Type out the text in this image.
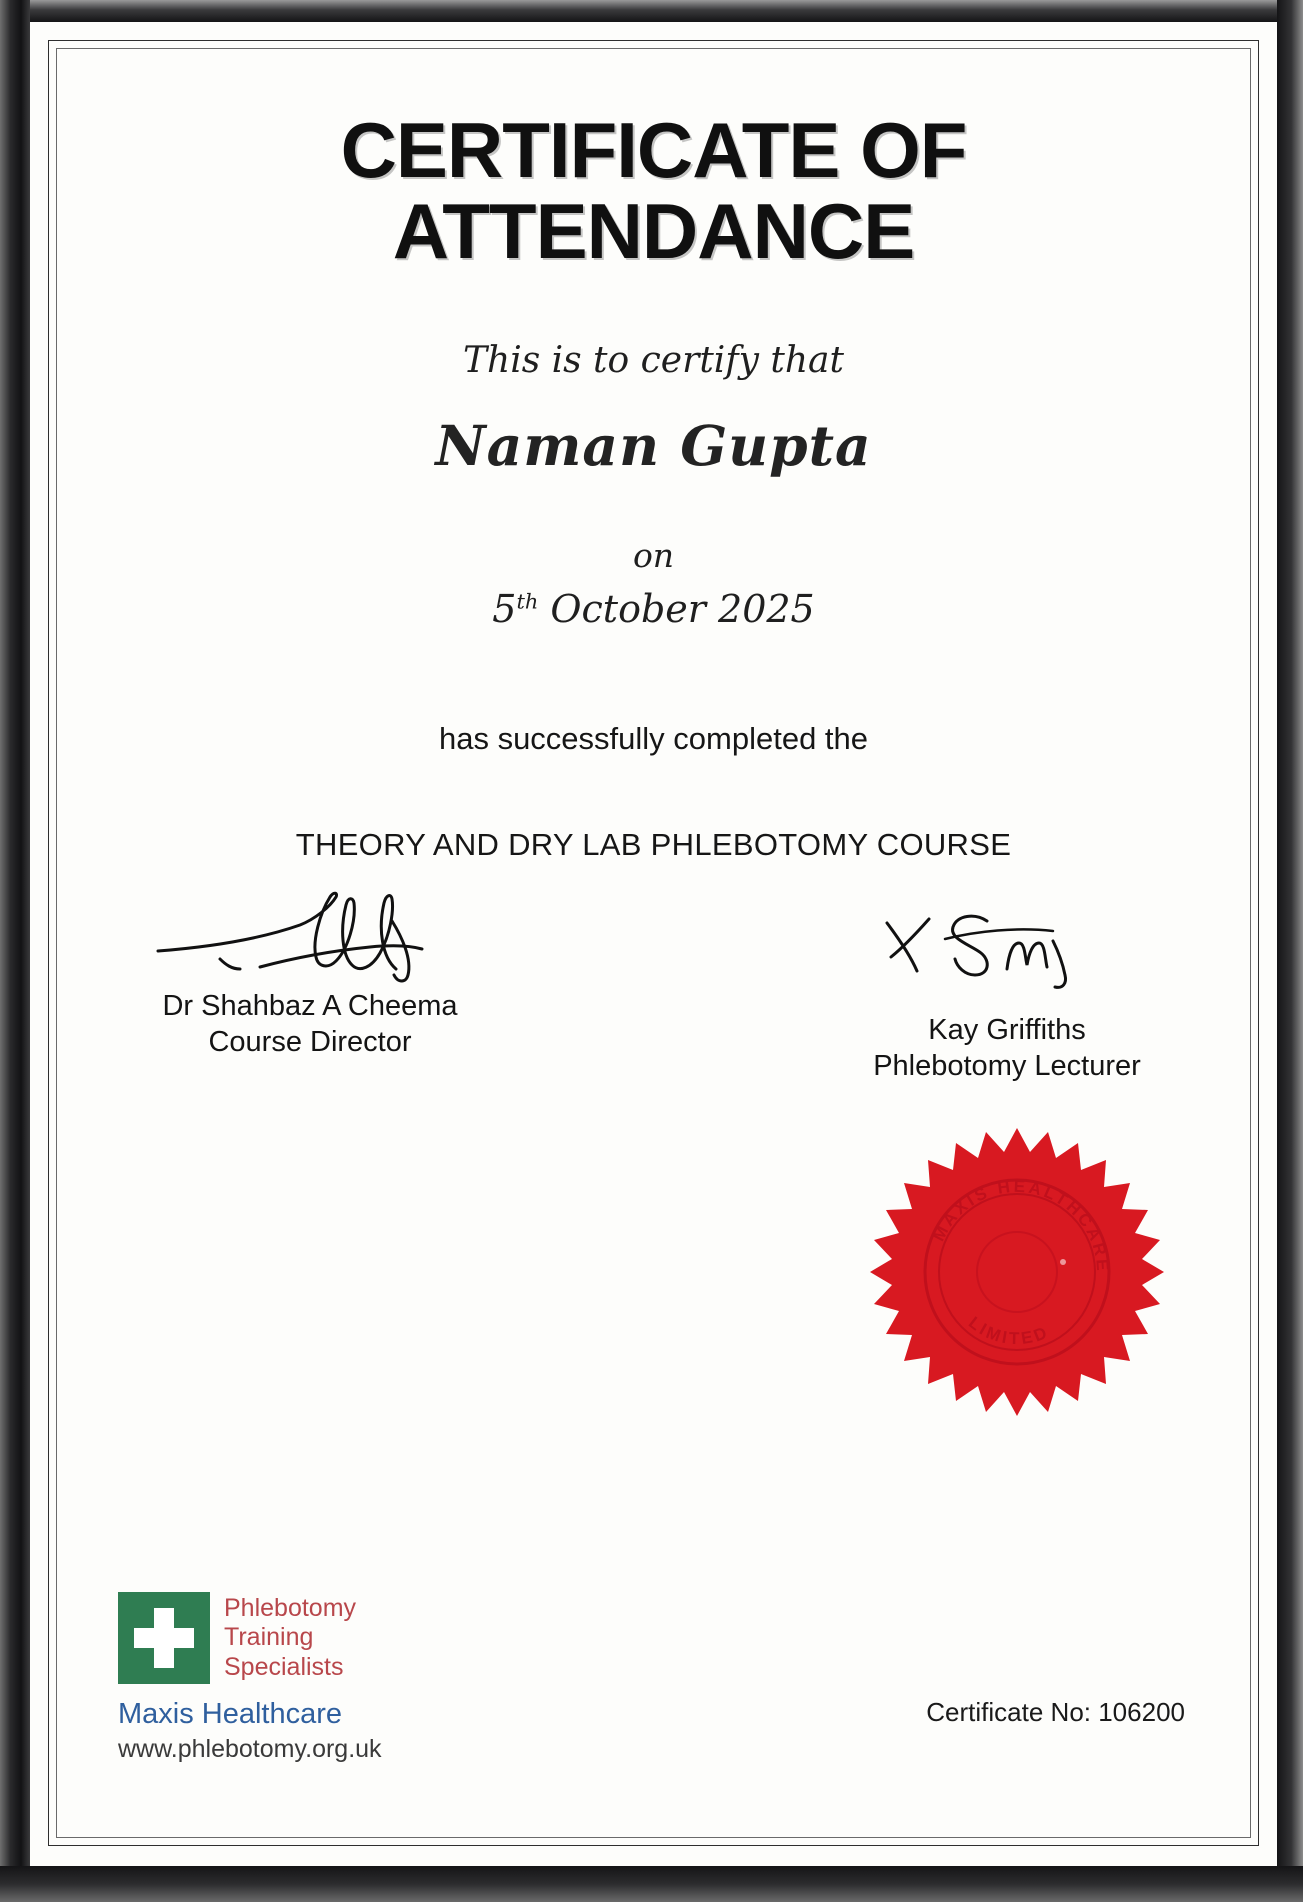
CERTIFICATE OF
ATTENDANCE
This is to certify that
Naman Gupta
on
5th October 2025
has successfully completed the
THEORY AND DRY LAB PHLEBOTOMY COURSE
Dr Shahbaz A Cheema
Course Director	Kay Griffiths
Phlebotomy Lecturer
MAXIS HEALTHCARE
LIMITED
Phlebotomy
Training
Specialists
Maxis Healthcare
www.phlebotomy.org.uk
Certificate No: 106200
